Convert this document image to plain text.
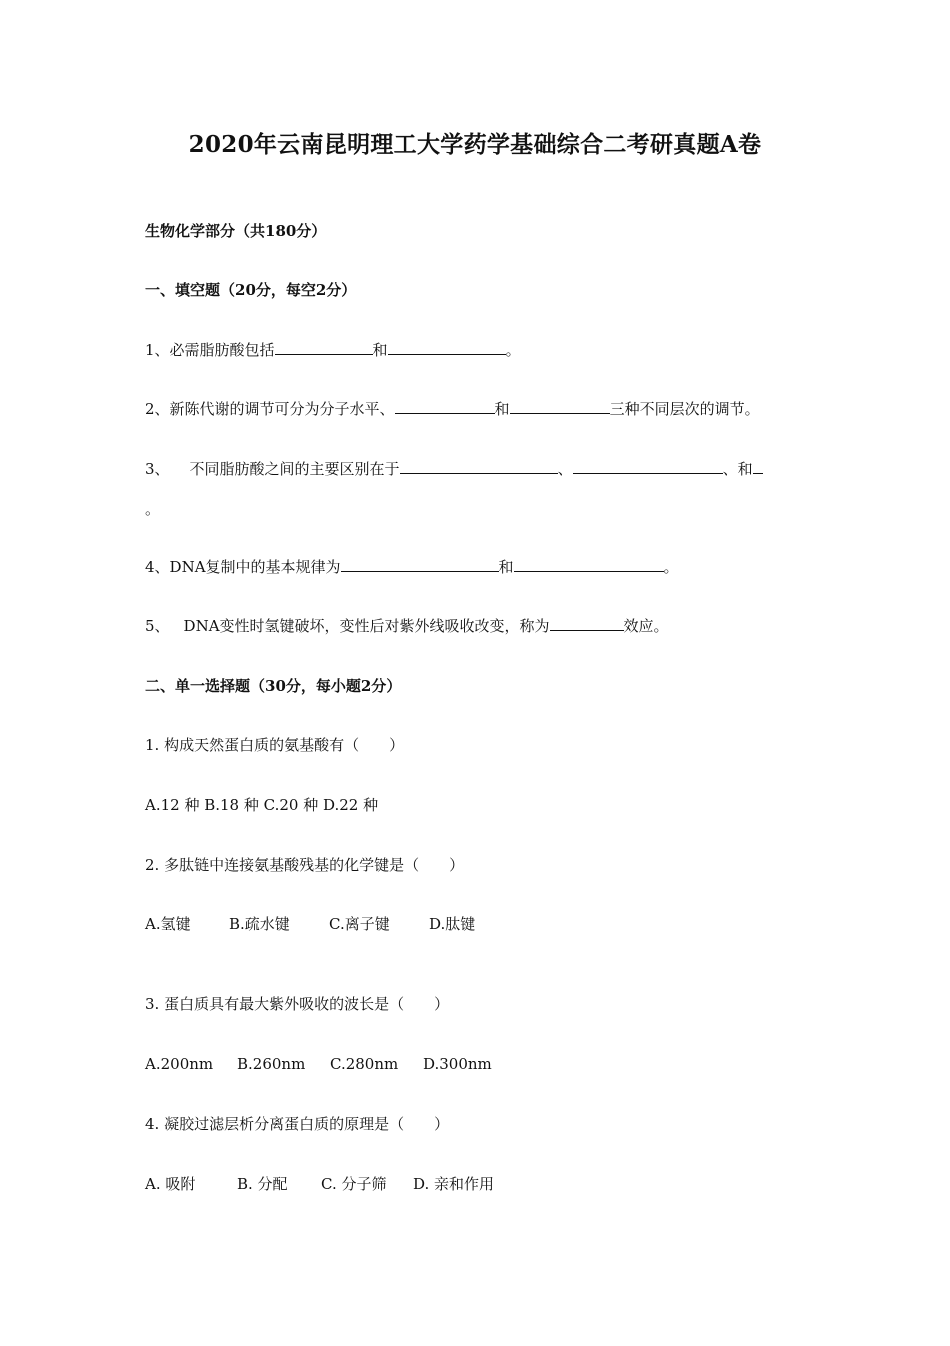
2020年云南昆明理工大学药学基础综合二考研真题A卷
生物化学部分（共180分）
一、填空题（20分，每空2分）
1、必需脂肪酸包括	和	。
2、新陈代谢的调节可分为分子水平、	和	三种不同层次的调节。
3、 不同脂肪酸之间的主要区别在于	、	、和
。
4、DNA复制中的基本规律为	和	。
5、 DNA变性时氢键破坏，变性后对紫外线吸收改变，称为	效应。
二、单一选择题（30分，每小题2分）
1. 构成天然蛋白质的氨基酸有（　　）
A.12 种 B.18 种 C.20 种 D.22 种
2. 多肽链中连接氨基酸残基的化学键是（　　）
A.氢键	B.疏水键	C.离子键	D.肽键
3. 蛋白质具有最大紫外吸收的波长是（　　）
A.200nm B.260nm C.280nm D.300nm
4. 凝胶过滤层析分离蛋白质的原理是（　　）
A. 吸附	B. 分配 C. 分子筛 D. 亲和作用
